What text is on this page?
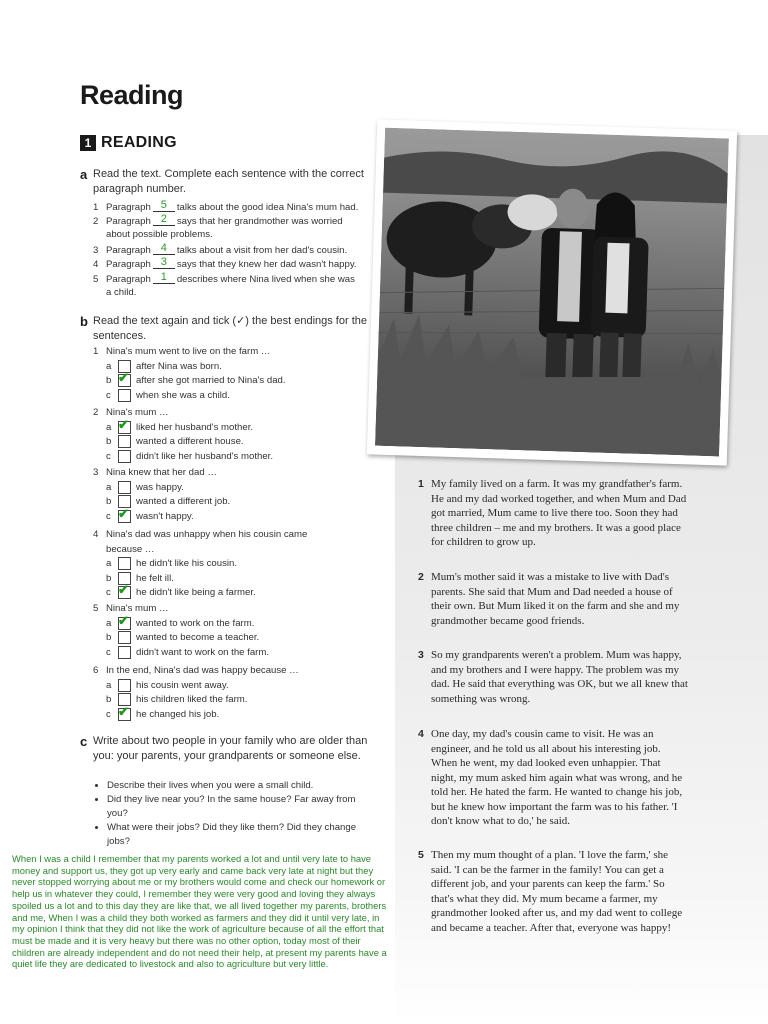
Reading
1 READING
a Read the text. Complete each sentence with the correct paragraph number.
1 Paragraph 5 talks about the good idea Nina's mum had.
2 Paragraph 2 says that her grandmother was worried
about possible problems.
3 Paragraph 4 talks about a visit from her dad's cousin.
4 Paragraph 3 says that they knew her dad wasn't happy.
5 Paragraph 1 describes where Nina lived when she was
a child.
b Read the text again and tick (✓) the best endings for the sentences.
1 Nina's mum went to live on the farm …
a	after Nina was born.
b ✔ after she got married to Nina's dad.
c	when she was a child.
2 Nina's mum …
a ✔ liked her husband's mother.
b	wanted a different house.
c	didn't like her husband's mother.
3 Nina knew that her dad …
a	was happy.
b	wanted a different job.
c ✔ wasn't happy.
4 Nina's dad was unhappy when his cousin came
because …
a	he didn't like his cousin.
b	he felt ill.
c ✔ he didn't like being a farmer.
5 Nina's mum …
a ✔ wanted to work on the farm.
b	wanted to become a teacher.
c	didn't want to work on the farm.
6 In the end, Nina's dad was happy because …
a	his cousin went away.
b	his children liked the farm.
c ✔ he changed his job.
c Write about two people in your family who are older than you: your parents, your grandparents or someone else.
• Describe their lives when you were a small child.
• Did they live near you? In the same house? Far away from you?
• What were their jobs? Did they like them? Did they change jobs?
When I was a child I remember that my parents worked a lot and until very late to have money and support us, they got up very early and came back very late at night but they never stopped worrying about me or my brothers would come and check our homework or help us in whatever they could, I remember they were very good and loving they always spoiled us a lot and to this day they are like that, we all lived together my parents, brothers and me, When I was a child they both worked as farmers and they did it until very late, in my opinion I think that they did not like the work of agriculture because of all the effort that must be made and it is very heavy but there was no other option, today most of their children are already independent and do not need their help, at present my parents have a quiet life they are dedicated to livestock and also to agriculture but very little.
1 My family lived on a farm. It was my grandfather's farm. He and my dad worked together, and when Mum and Dad got married, Mum came to live there too. Soon they had three children – me and my brothers. It was a good place for children to grow up.
2 Mum's mother said it was a mistake to live with Dad's parents. She said that Mum and Dad needed a house of their own. But Mum liked it on the farm and she and my grandmother became good friends.
3 So my grandparents weren't a problem. Mum was happy, and my brothers and I were happy. The problem was my dad. He said that everything was OK, but we all knew that something was wrong.
4 One day, my dad's cousin came to visit. He was an engineer, and he told us all about his interesting job. When he went, my dad looked even unhappier. That night, my mum asked him again what was wrong, and he told her. He hated the farm. He wanted to change his job, but he knew how important the farm was to his father. 'I don't know what to do,' he said.
5 Then my mum thought of a plan. 'I love the farm,' she said. 'I can be the farmer in the family! You can get a different job, and your parents can keep the farm.' So that's what they did. My mum became a farmer, my grandmother looked after us, and my dad went to college and became a teacher. After that, everyone was happy!
